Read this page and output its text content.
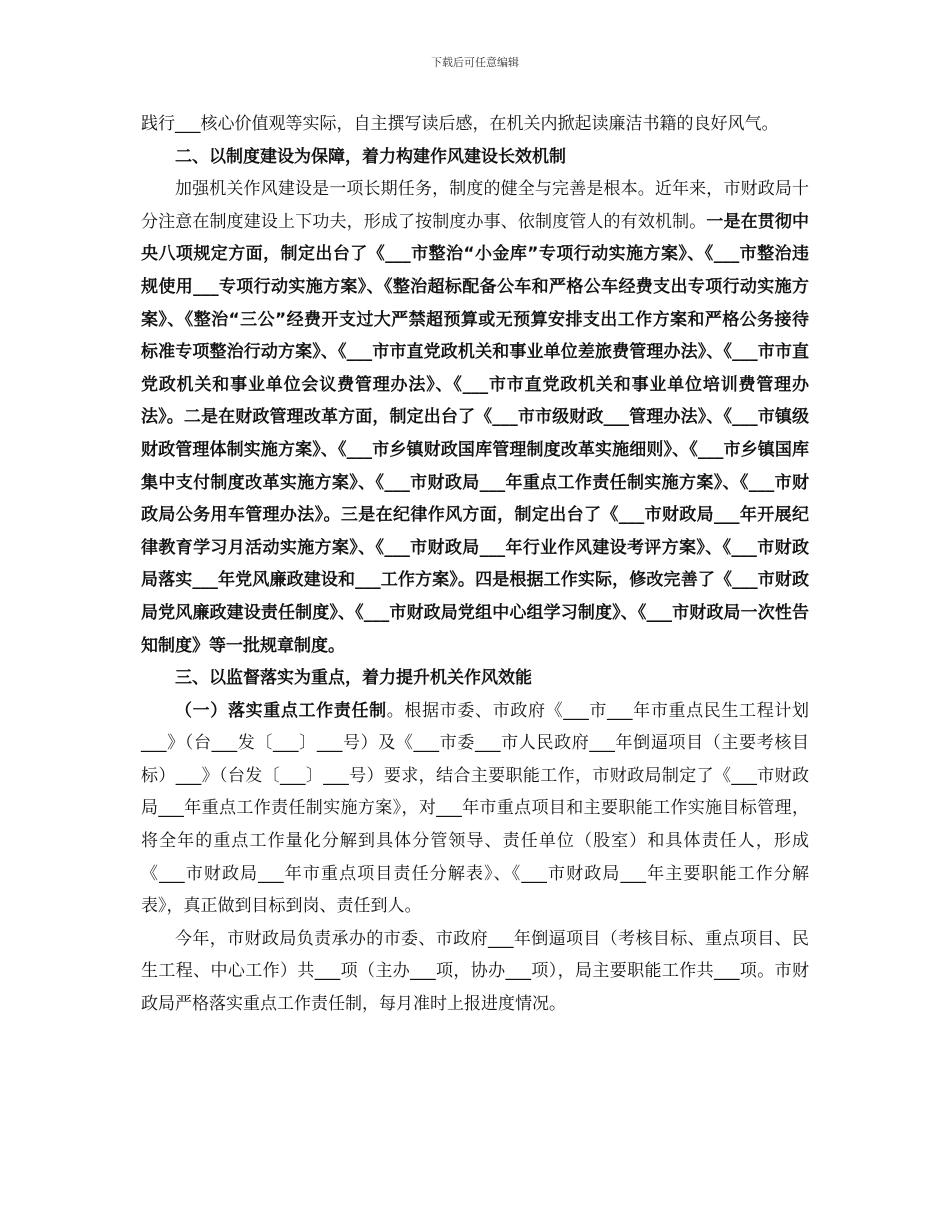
下载后可任意编辑

践行___核心价值观等实际，自主撰写读后感，在机关内掀起读廉洁书籍的良好风气。

二、以制度建设为保障，着力构建作风建设长效机制

加强机关作风建设是一项长期任务，制度的健全与完善是根本。近年来，市财政局十分注意在制度建设上下功夫，形成了按制度办事、依制度管人的有效机制。一是在贯彻中央八项规定方面，制定出台了《___市整治“小金库”专项行动实施方案》、《___市整治违规使用___专项行动实施方案》、《整治超标配备公车和严格公车经费支出专项行动实施方案》、《整治“三公”经费开支过大严禁超预算或无预算安排支出工作方案和严格公务接待标准专项整治行动方案》、《___市市直党政机关和事业单位差旅费管理办法》、《___市市直党政机关和事业单位会议费管理办法》、《___市市直党政机关和事业单位培训费管理办法》。二是在财政管理改革方面，制定出台了《___市市级财政___管理办法》、《___市镇级财政管理体制实施方案》、《___市乡镇财政国库管理制度改革实施细则》、《___市乡镇国库集中支付制度改革实施方案》、《___市财政局___年重点工作责任制实施方案》、《___市财政局公务用车管理办法》。三是在纪律作风方面，制定出台了《___市财政局___年开展纪律教育学习月活动实施方案》、《___市财政局___年行业作风建设考评方案》、《___市财政局落实___年党风廉政建设和___工作方案》。四是根据工作实际，修改完善了《___市财政局党风廉政建设责任制度》、《___市财政局党组中心组学习制度》、《___市财政局一次性告知制度》等一批规章制度。

三、以监督落实为重点，着力提升机关作风效能

（一）落实重点工作责任制。根据市委、市政府《___市___年市重点民生工程计划___》（台___发〔___〕___号）及《___市委___市人民政府___年倒逼项目（主要考核目标）___》（台发〔___〕___号）要求，结合主要职能工作，市财政局制定了《___市财政局___年重点工作责任制实施方案》，对___年市重点项目和主要职能工作实施目标管理，将全年的重点工作量化分解到具体分管领导、责任单位（股室）和具体责任人，形成《___市财政局___年市重点项目责任分解表》、《___市财政局___年主要职能工作分解表》，真正做到目标到岗、责任到人。

今年，市财政局负责承办的市委、市政府___年倒逼项目（考核目标、重点项目、民生工程、中心工作）共___项（主办___项，协办___项），局主要职能工作共___项。市财政局严格落实重点工作责任制，每月准时上报进度情况。
